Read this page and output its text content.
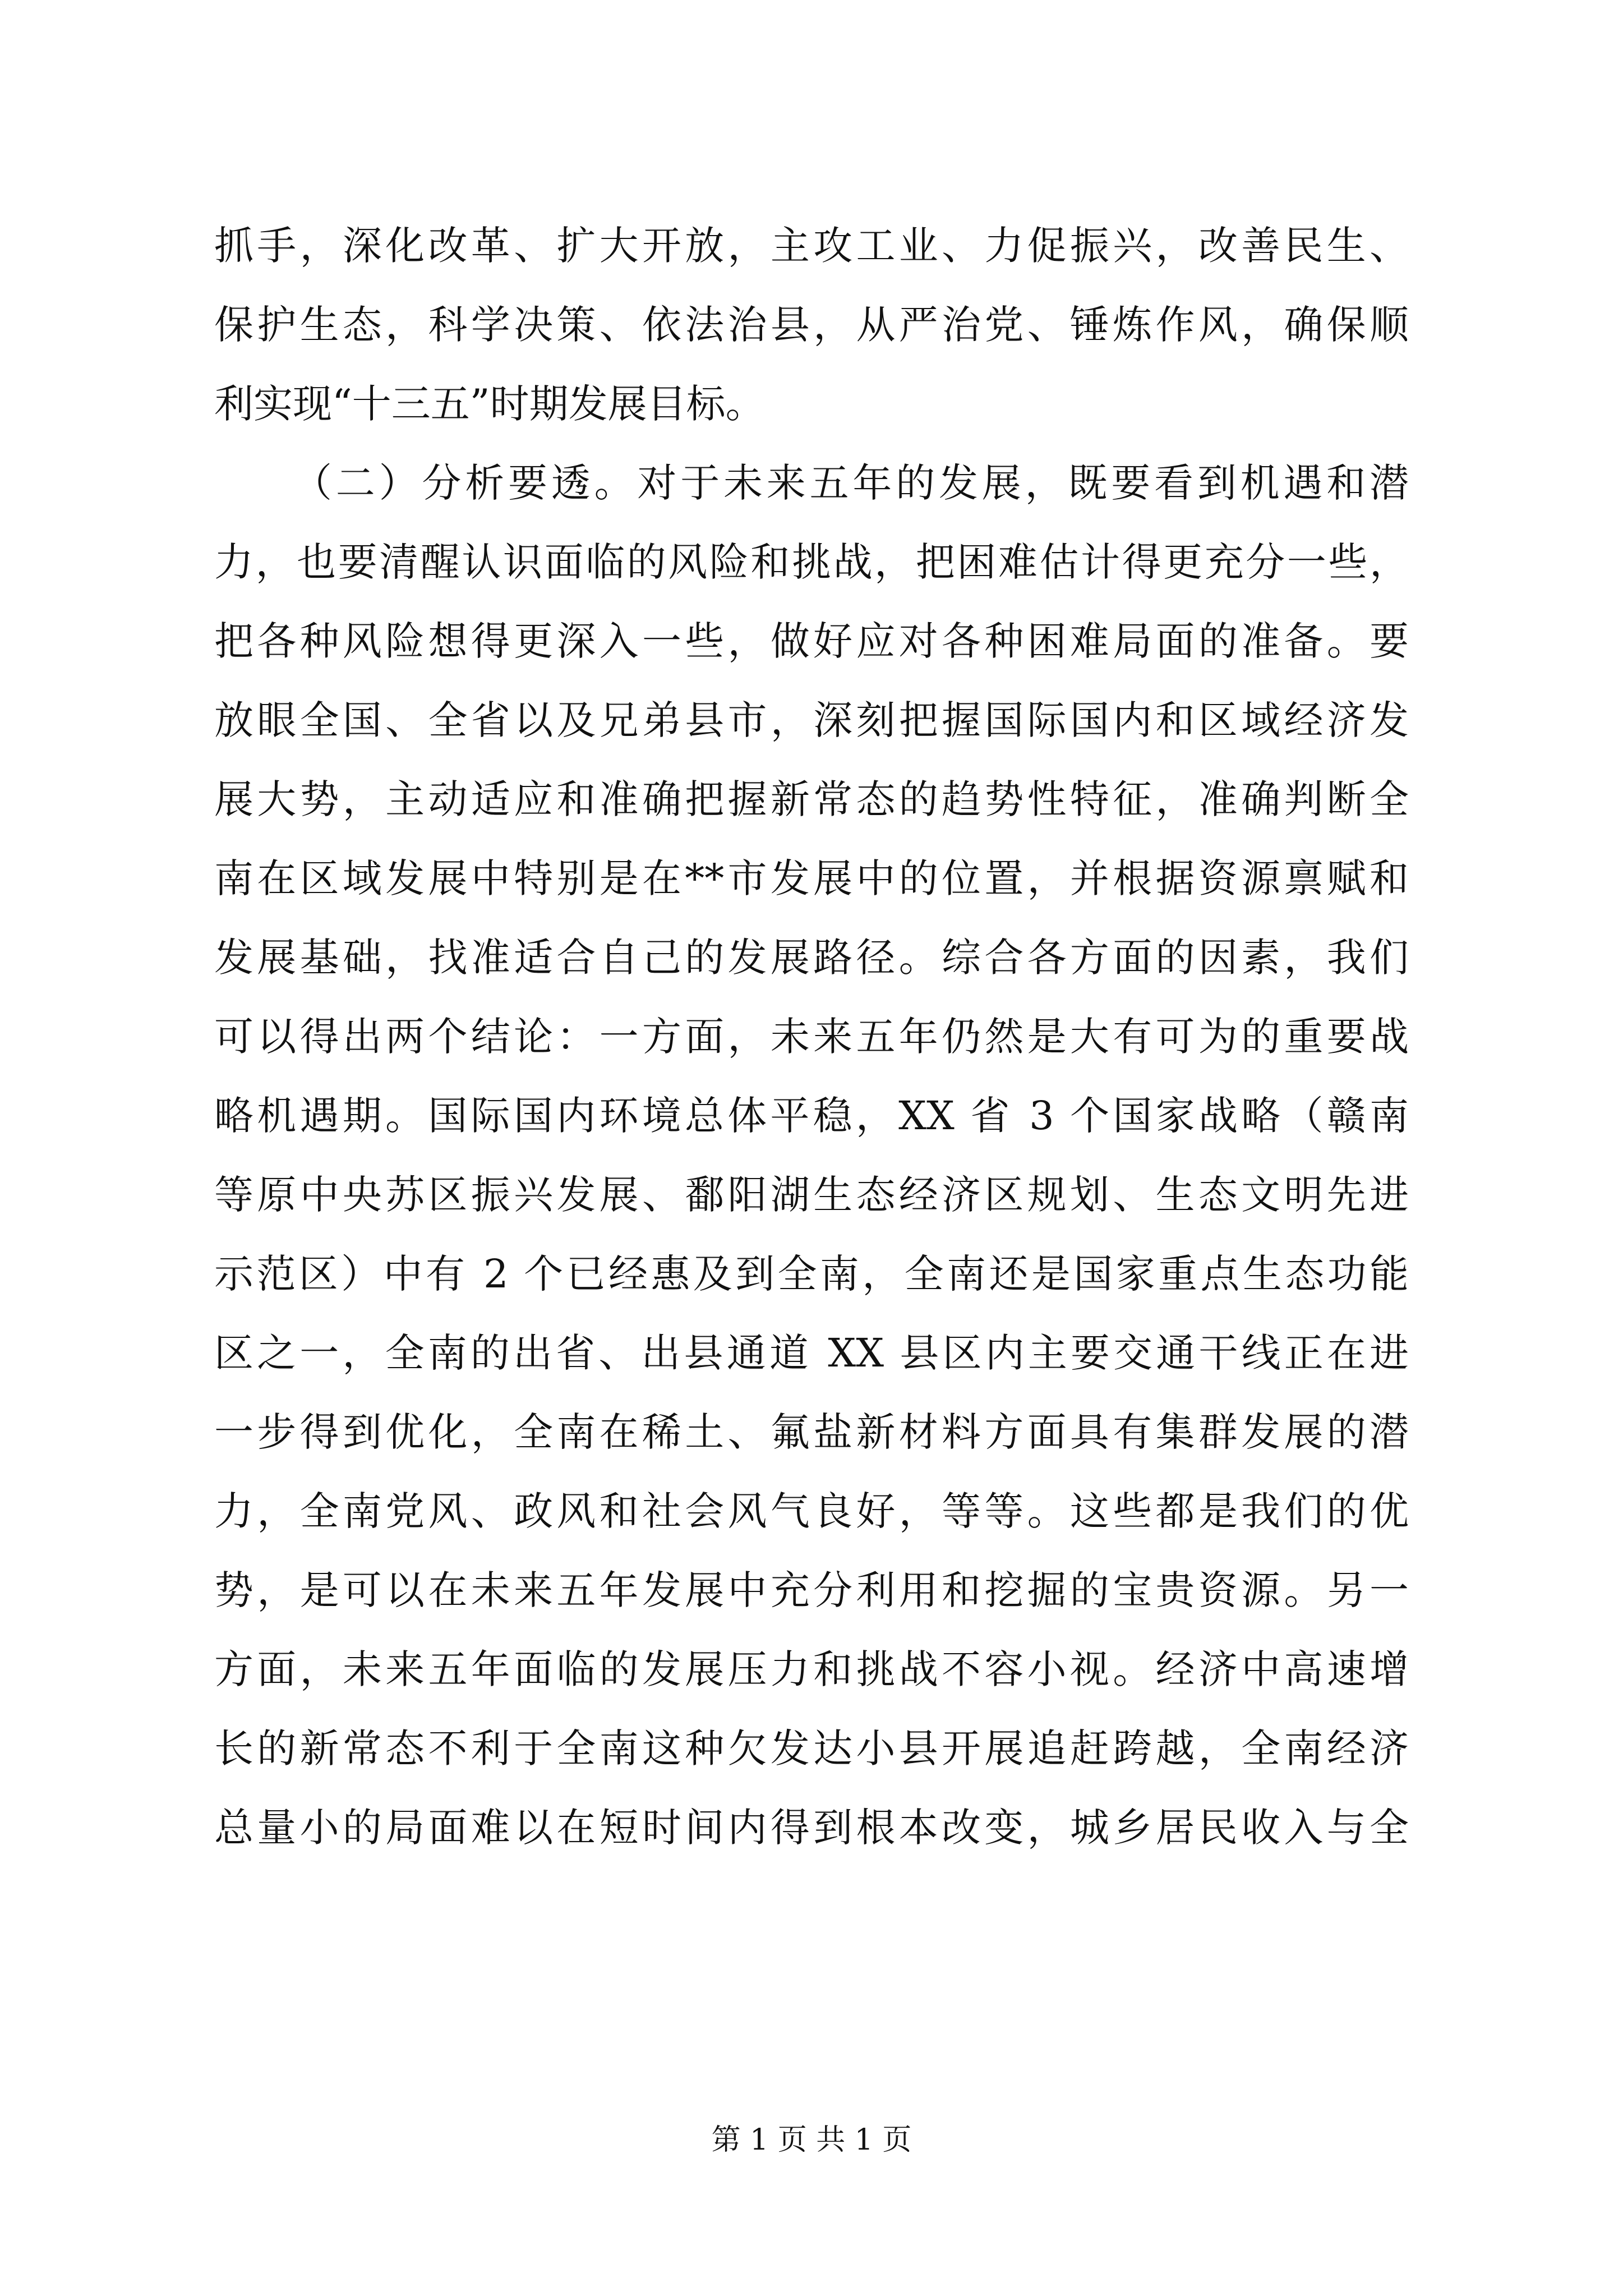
抓手，深化改革、扩大开放，主攻工业、力促振兴，改善民生、
保护生态，科学决策、依法治县，从严治党、锤炼作风，确保顺
利实现“十三五”时期发展目标。
（二）分析要透。对于未来五年的发展，既要看到机遇和潜
力，也要清醒认识面临的风险和挑战，把困难估计得更充分一些，
把各种风险想得更深入一些，做好应对各种困难局面的准备。要
放眼全国、全省以及兄弟县市，深刻把握国际国内和区域经济发
展大势，主动适应和准确把握新常态的趋势性特征，准确判断全
南在区域发展中特别是在**市发展中的位置，并根据资源禀赋和
发展基础，找准适合自己的发展路径。综合各方面的因素，我们
可以得出两个结论：一方面，未来五年仍然是大有可为的重要战
略机遇期。国际国内环境总体平稳，XX 省 3 个国家战略（赣南
等原中央苏区振兴发展、鄱阳湖生态经济区规划、生态文明先进
示范区）中有 2 个已经惠及到全南，全南还是国家重点生态功能
区之一，全南的出省、出县通道 XX 县区内主要交通干线正在进
一步得到优化，全南在稀土、氟盐新材料方面具有集群发展的潜
力，全南党风、政风和社会风气良好，等等。这些都是我们的优
势，是可以在未来五年发展中充分利用和挖掘的宝贵资源。另一
方面，未来五年面临的发展压力和挑战不容小视。经济中高速增
长的新常态不利于全南这种欠发达小县开展追赶跨越，全南经济
总量小的局面难以在短时间内得到根本改变，城乡居民收入与全
第 1 页 共 1 页
